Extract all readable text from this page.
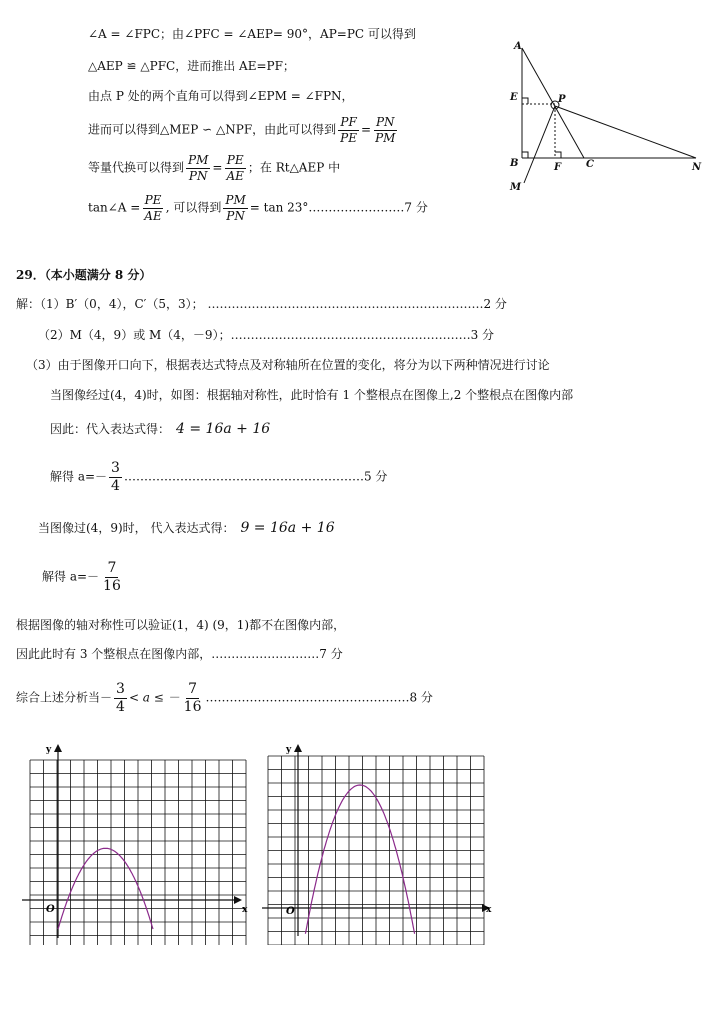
∠A = ∠FPC；由∠PFC = ∠AEP= 90°，AP=PC 可以得到
△AEP ≌ △PFC，进而推出 AE=PF；
由点 P 处的两个直角可以得到∠EPM = ∠FPN，
进而可以得到△MEP ∽ △NPF，由此可以得到 $\frac{PF}{PE} = \frac{PN}{PM}$
等量代换可以得到 $\frac{PM}{PN} = \frac{PE}{AE}$ ；在 Rt△AEP 中
tan∠A = $\frac{PE}{AE}$ , 可以得到 $\frac{PM}{PN} = \tan$ 23°……………………7 分
A
E	P
B	F C	N
M
29．（本小题满分 8 分）
解：（1）B′（0，4），C′（5，3）； ……………………………………………………………2 分
（2）M（4，9）或 M（4，－9）；……………………………………………………3 分
（3）由于图像开口向下，根据表达式特点及对称轴所在位置的变化，将分为以下两种情况进行讨论
当图像经过(4，4)时，如图：根据轴对称性，此时恰有 1 个整根点在图像上,2 个整根点在图像内部
因此：代入表达式得： 4 = 16a + 16
解得 $a=- \frac{3}{4}$ ……………………………………………………5 分
当图像过(4，9)时， 代入表达式得： 9 = 16a + 16
解得 $a=- \frac{7}{16}$
根据图像的轴对称性可以验证(1，4) (9，1)都不在图像内部，
因此此时有 3 个整根点在图像内部，………………………7 分
综合上述分析当－ $\frac{3}{4} < a$ ≤ － $\frac{7}{16}$ ……………………………………………8 分
x
y
O	x
y
O
